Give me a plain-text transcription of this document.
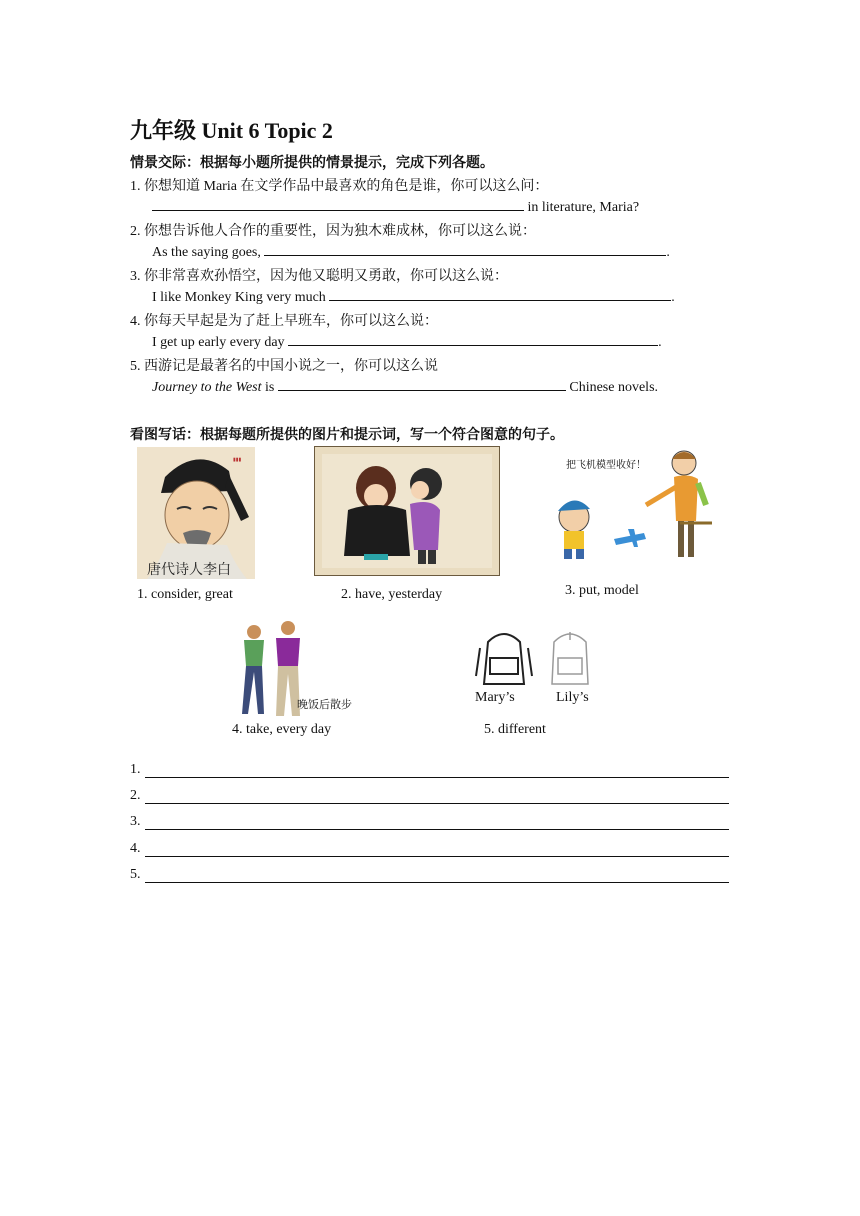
九年级 Unit 6 Topic 2
情景交际：根据每小题所提供的情景提示，完成下列各题。
1. 你想知道 Maria 在文学作品中最喜欢的角色是谁，你可以这么问：
in literature, Maria?
2. 你想告诉他人合作的重要性，因为独木难成林，你可以这么说：
As the saying goes,	.
3. 你非常喜欢孙悟空，因为他又聪明又勇敢，你可以这么说：
I like Monkey King very much	.
4. 你每天早起是为了赶上早班车，你可以这么说：
I get up early every day	.
5. 西游记是最著名的中国小说之一，你可以这么说
Journey to the West is	Chinese novels.
看图写话：根据每题所提供的图片和提示词，写一个符合图意的句子。
▮▮▮
唐代诗人李白
1. consider, great	2. have, yesterday
把飞机模型收好！
3. put, model
晚饭后散步
4. take, every day
Mary’s	Lily’s
5. different
1.
2.
3.
4.
5.
